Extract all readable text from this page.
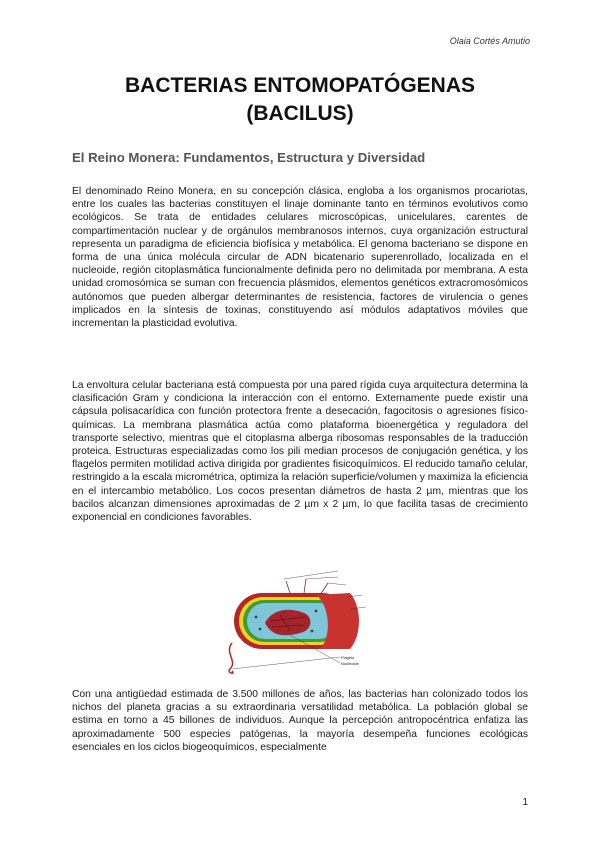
Olaia Cortés Amutio
BACTERIAS ENTOMOPATÓGENAS
(BACILUS)
El Reino Monera: Fundamentos, Estructura y Diversidad

El denominado Reino Monera, en su concepción clásica, engloba a los organismos procariotas, entre los cuales las bacterias constituyen el linaje dominante tanto en términos evolutivos como ecológicos. Se trata de entidades celulares microscópicas, unicelulares, carentes de compartimentación nuclear y de orgánulos membranosos internos, cuya organización estructural representa un paradigma de eficiencia biofísica y metabólica. El genoma bacteriano se dispone en forma de una única molécula circular de ADN bicatenario superenrollado, localizada en el nucleoide, región citoplasmática funcionalmente definida pero no delimitada por membrana. A esta unidad cromosómica se suman con frecuencia plásmidos, elementos genéticos extracromosómicos autónomos que pueden albergar determinantes de resistencia, factores de virulencia o genes implicados en la síntesis de toxinas, constituyendo así módulos adaptativos móviles que incrementan la plasticidad evolutiva.

La envoltura celular bacteriana está compuesta por una pared rígida cuya arquitectura determina la clasificación Gram y condiciona la interacción con el entorno. Externamente puede existir una cápsula polisacarídica con función protectora frente a desecación, fagocitosis o agresiones físico-químicas. La membrana plasmática actúa como plataforma bioenergética y reguladora del transporte selectivo, mientras que el citoplasma alberga ribosomas responsables de la traducción proteica. Estructuras especializadas como los pili median procesos de conjugación genética, y los flagelos permiten motilidad activa dirigida por gradientes fisicoquímicos. El reducido tamaño celular, restringido a la escala micrométrica, optimiza la relación superficie/volumen y maximiza la eficiencia en el intercambio metabólico. Los cocos presentan diámetros de hasta 2 µm, mientras que los bacilos alcanzan dimensiones aproximadas de 2 µm x 2 µm, lo que facilita tasas de crecimiento exponencial en condiciones favorables.

Flagelo
Nucleoide

Con una antigüedad estimada de 3.500 millones de años, las bacterias han colonizado todos los nichos del planeta gracias a su extraordinaria versatilidad metabólica. La población global se estima en torno a 45 billones de individuos. Aunque la percepción antropocéntrica enfatiza las aproximadamente 500 especies patógenas, la mayoría desempeña funciones ecológicas esenciales en los ciclos biogeoquímicos, especialmente

1
